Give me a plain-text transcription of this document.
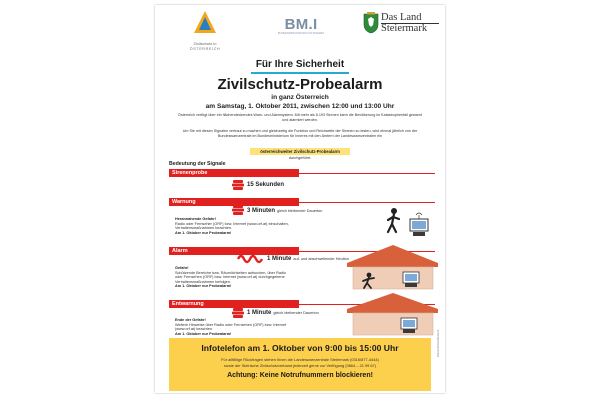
Zivilschutz in
ÖSTERREICH
BM.I
BUNDESMINISTERIUM FÜR INNERES
Das Land
Steiermark
Für Ihre Sicherheit
Zivilschutz-Probealarm
in ganz Österreich
am Samstag, 1. Oktober 2011, zwischen 12:00 und 13:00 Uhr
Österreich verfügt über ein flächendeckendes Warn- und Alarmsystem. Mit mehr als 8.193 Sirenen kann die Bevölkerung im Katastrophenfall gewarnt und alarmiert werden.
Um Sie mit diesen Signalen vertraut zu machen und gleichzeitig die Funktion und Reichweite der Sirenen zu testen, wird einmal jährlich von der Bundeswarnzentrale im Bundesministerium für Inneres mit den Ämtern der Landeswarnzentralen ein
österreichweiter Zivilschutz-Probealarm
durchgeführt.
Bedeutung der Signale
Sirenenprobe
15 Sekunden
Warnung
3 Minuten gleich bleibender Dauerton
Herannahende Gefahr!
Radio oder Fernseher (ORF) bzw. Internet (www.orf.at) einschalten, Verhaltensmaßnahmen beachten.
Am 1. Oktober nur Probealarm!
Alarm
1 Minute auf- und abschwellender Heulton
Gefahr!
Schützende Bereiche bzw. Räumlichkeiten aufsuchen, über Radio oder Fernsehen (ORF) bzw. Internet (www.orf.at) durchgegebene Verhaltensmaßnahmen befolgen.
Am 1. Oktober nur Probealarm!
Entwarnung
1 Minute gleich bleibender Dauerton
Ende der Gefahr!
Weitere Hinweise über Radio oder Fernsehen (ORF) bzw. Internet (www.orf.at) beachten.
Am 1. Oktober nur Probealarm!
Infotelefon am 1. Oktober von 9:00 bis 15:00 Uhr
Für allfällige Rückfragen stehen Ihnen die Landeswarnzentrale Steiermark (0316/877-4444)
sowie der Steirische Zivilschutzverband jederzeit gerne zur Verfügung (0664 – 21 99 67)
Achtung: Keine Notrufnummern blockieren!
APA-AUFTRAGSGRAFIK
